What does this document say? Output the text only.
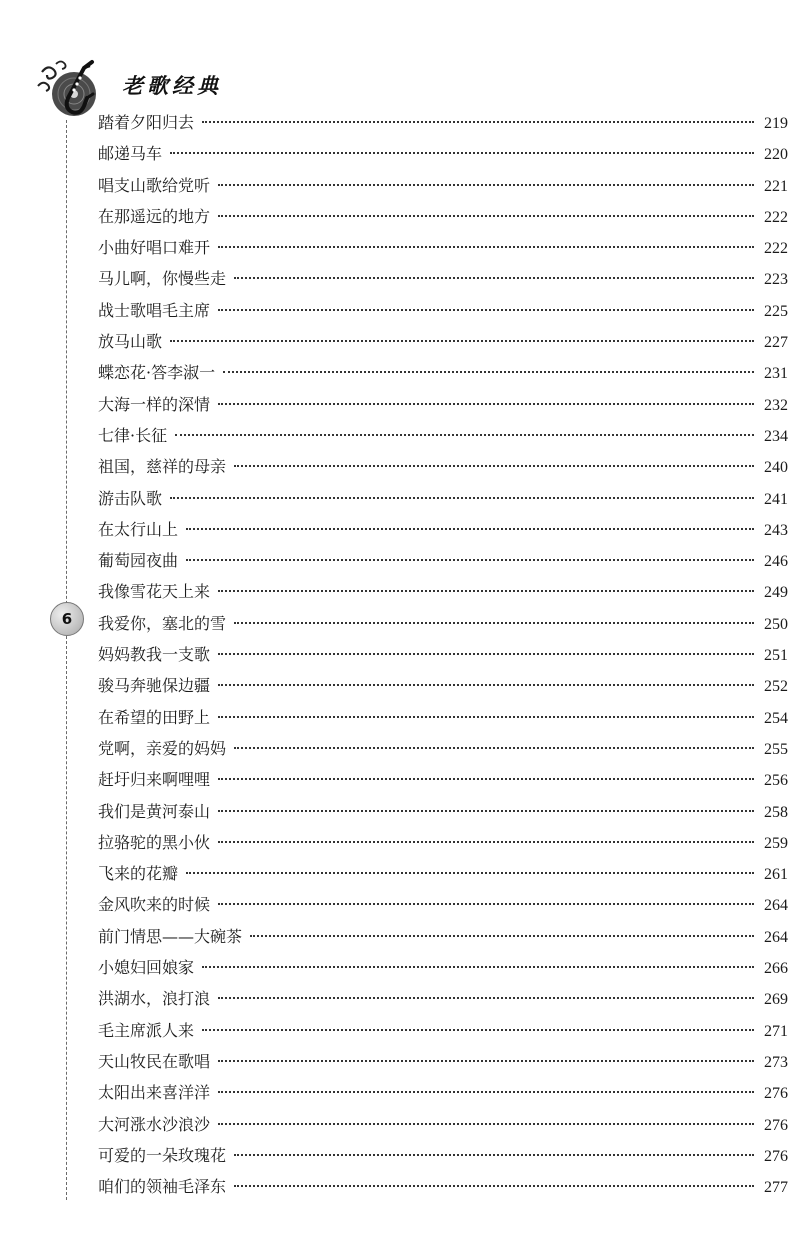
老歌经典
6
踏着夕阳归去	219
邮递马车	220
唱支山歌给党听	221
在那遥远的地方	222
小曲好唱口难开	222
马儿啊，你慢些走	223
战士歌唱毛主席	225
放马山歌	227
蝶恋花·答李淑一	231
大海一样的深情	232
七律·长征	234
祖国，慈祥的母亲	240
游击队歌	241
在太行山上	243
葡萄园夜曲	246
我像雪花天上来	249
我爱你，塞北的雪	250
妈妈教我一支歌	251
骏马奔驰保边疆	252
在希望的田野上	254
党啊，亲爱的妈妈	255
赶圩归来啊哩哩	256
我们是黄河泰山	258
拉骆驼的黑小伙	259
飞来的花瓣	261
金风吹来的时候	264
前门情思——大碗茶	264
小媳妇回娘家	266
洪湖水，浪打浪	269
毛主席派人来	271
天山牧民在歌唱	273
太阳出来喜洋洋	276
大河涨水沙浪沙	276
可爱的一朵玫瑰花	276
咱们的领袖毛泽东	277
